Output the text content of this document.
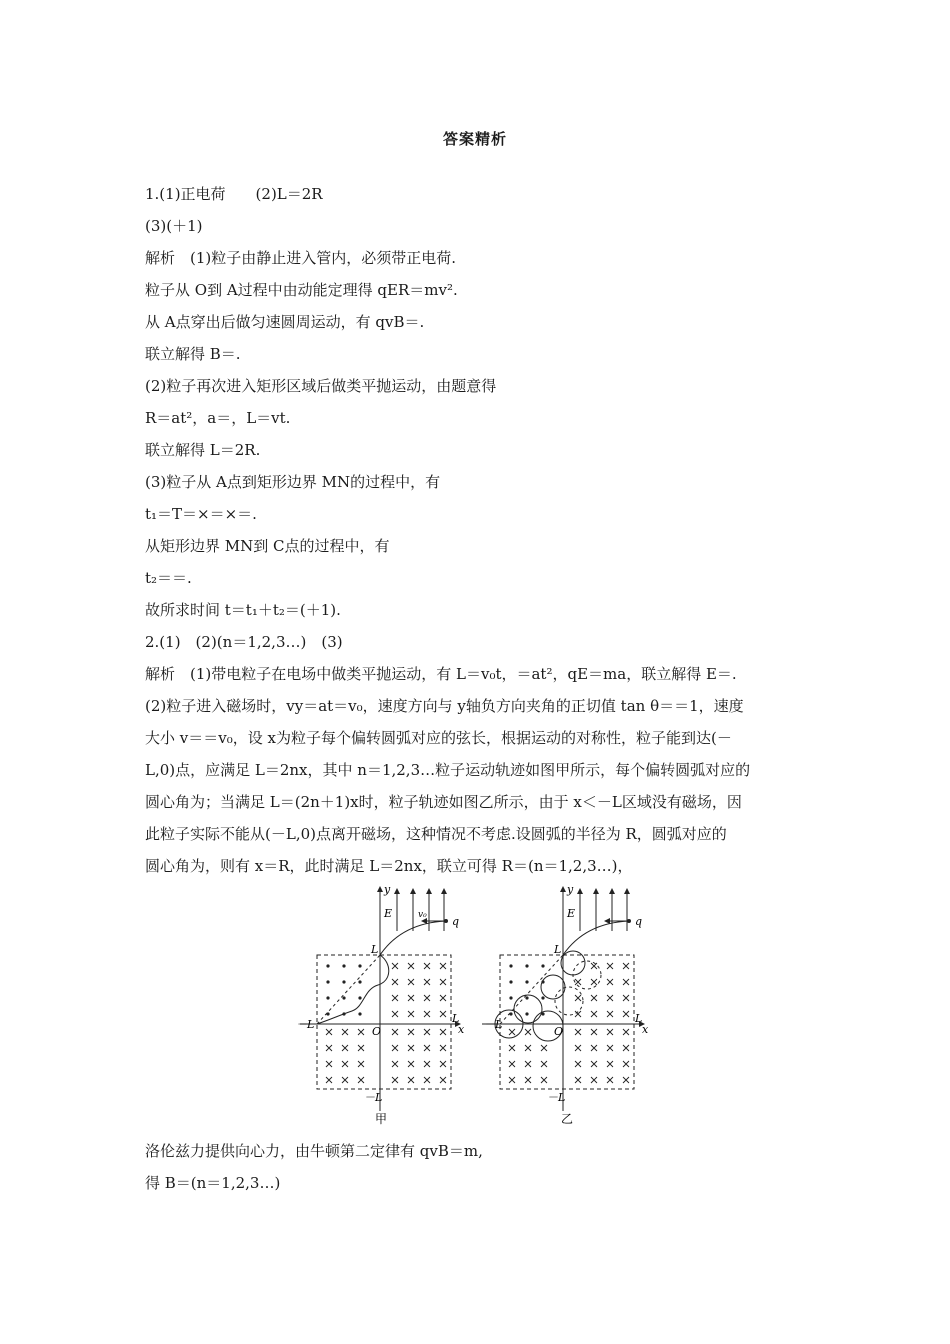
答案精析
1.(1)正电荷　　(2)L＝2R
(3)(＋1)
解析　(1)粒子由静止进入管内，必须带正电荷.
粒子从 O到 A过程中由动能定理得 qER＝mv².
从 A点穿出后做匀速圆周运动，有 qvB＝.
联立解得 B＝.
(2)粒子再次进入矩形区域后做类平抛运动，由题意得
R＝at²，a＝，L＝vt.
联立解得 L＝2R.
(3)粒子从 A点到矩形边界 MN的过程中，有
t₁＝T＝×＝×＝.
从矩形边界 MN到 C点的过程中，有
t₂＝＝.
故所求时间 t＝t₁＋t₂＝(＋1).
2.(1)　(2)(n＝1,2,3…)　(3)
解析　(1)带电粒子在电场中做类平抛运动，有 L＝v₀t，＝at²，qE＝ma，联立解得 E＝.
(2)粒子进入磁场时，vy＝at＝v₀，速度方向与 y轴负方向夹角的正切值 tan θ＝＝1，速度
大小 v＝＝v₀，设 x为粒子每个偏转圆弧对应的弦长，根据运动的对称性，粒子能到达(－
L,0)点，应满足 L＝2nx，其中 n＝1,2,3…粒子运动轨迹如图甲所示，每个偏转圆弧对应的
圆心角为；当满足 L＝(2n＋1)x时，粒子轨迹如图乙所示，由于 x＜－L区域没有磁场，因
此粒子实际不能从(－L,0)点离开磁场，这种情况不考虑.设圆弧的半径为 R，圆弧对应的
圆心角为，则有 x＝R，此时满足 L＝2nx，联立可得 R＝(n＝1,2,3…)，
y
x
E	v₀ q
L
－L
O
L
－L
甲
y
x
E
q
L
－L
O
L
－L
乙
洛伦兹力提供向心力，由牛顿第二定律有 qvB＝m,
得 B＝(n＝1,2,3…)
